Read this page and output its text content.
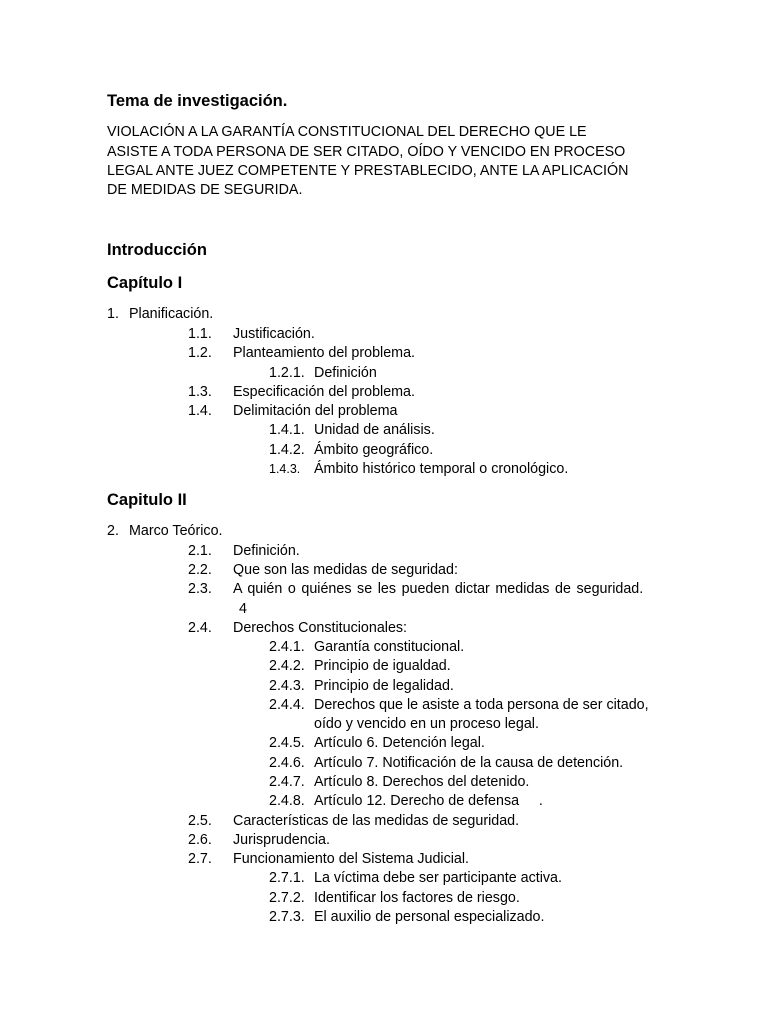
Tema de investigación.
VIOLACIÓN A LA GARANTÍA CONSTITUCIONAL DEL DERECHO QUE LE
ASISTE A TODA PERSONA DE SER CITADO, OÍDO Y VENCIDO EN PROCESO
LEGAL ANTE JUEZ COMPETENTE Y PRESTABLECIDO, ANTE LA APLICACIÓN
DE MEDIDAS DE SEGURIDA.
Introducción
Capítulo I
1. Planificación.
1.1. Justificación.
1.2. Planteamiento del problema.
1.2.1. Definición
1.3. Especificación del problema.
1.4. Delimitación del problema
1.4.1. Unidad de análisis.
1.4.2. Ámbito geográfico.
1.4.3. Ámbito histórico temporal o cronológico.
Capitulo II
2. Marco Teórico.
2.1. Definición.
2.2. Que son las medidas de seguridad:
2.3. A quién o quiénes se les pueden dictar medidas de seguridad.
4
2.4. Derechos Constitucionales:
2.4.1. Garantía constitucional.
2.4.2. Principio de igualdad.
2.4.3. Principio de legalidad.
2.4.4. Derechos que le asiste a toda persona de ser citado,
oído y vencido en un proceso legal.
2.4.5. Artículo 6. Detención legal.
2.4.6. Artículo 7. Notificación de la causa de detención.
2.4.7. Artículo 8. Derechos del detenido.
2.4.8. Artículo 12. Derecho de defensa     .
2.5. Características de las medidas de seguridad.
2.6. Jurisprudencia.
2.7. Funcionamiento del Sistema Judicial.
2.7.1. La víctima debe ser participante activa.
2.7.2. Identificar los factores de riesgo.
2.7.3. El auxilio de personal especializado.
